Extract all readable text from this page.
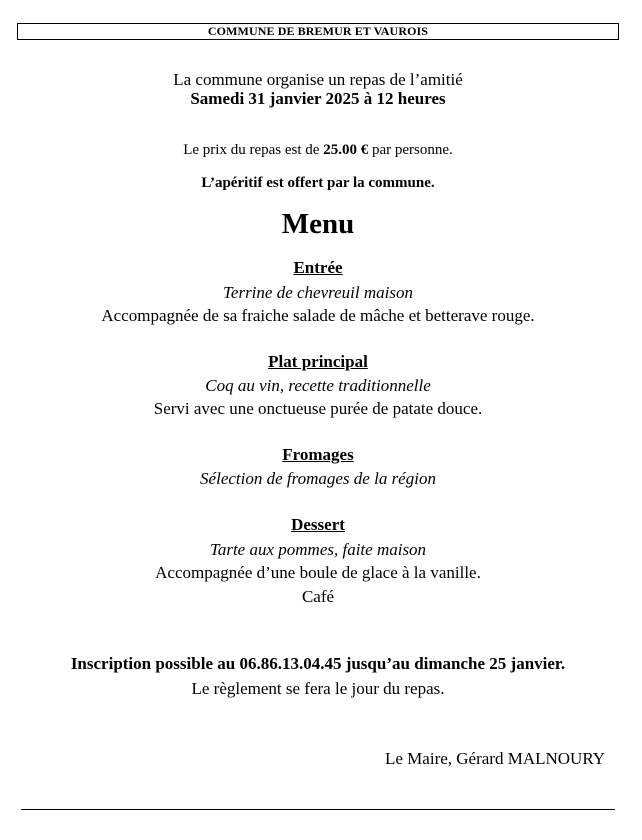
COMMUNE DE BREMUR ET VAUROIS
La commune organise un repas de l’amitié
Samedi 31 janvier 2025 à 12 heures
Le prix du repas est de 25.00 € par personne.
L’apéritif est offert par la commune.
Menu
Entrée
Terrine de chevreuil maison
Accompagnée de sa fraiche salade de mâche et betterave rouge.
Plat principal
Coq au vin, recette traditionnelle
Servi avec une onctueuse purée de patate douce.
Fromages
Sélection de fromages de la région
Dessert
Tarte aux pommes, faite maison
Accompagnée d’une boule de glace à la vanille.
Café
Inscription possible au 06.86.13.04.45 jusqu’au dimanche 25 janvier.
Le règlement se fera le jour du repas.
Le Maire, Gérard MALNOURY
